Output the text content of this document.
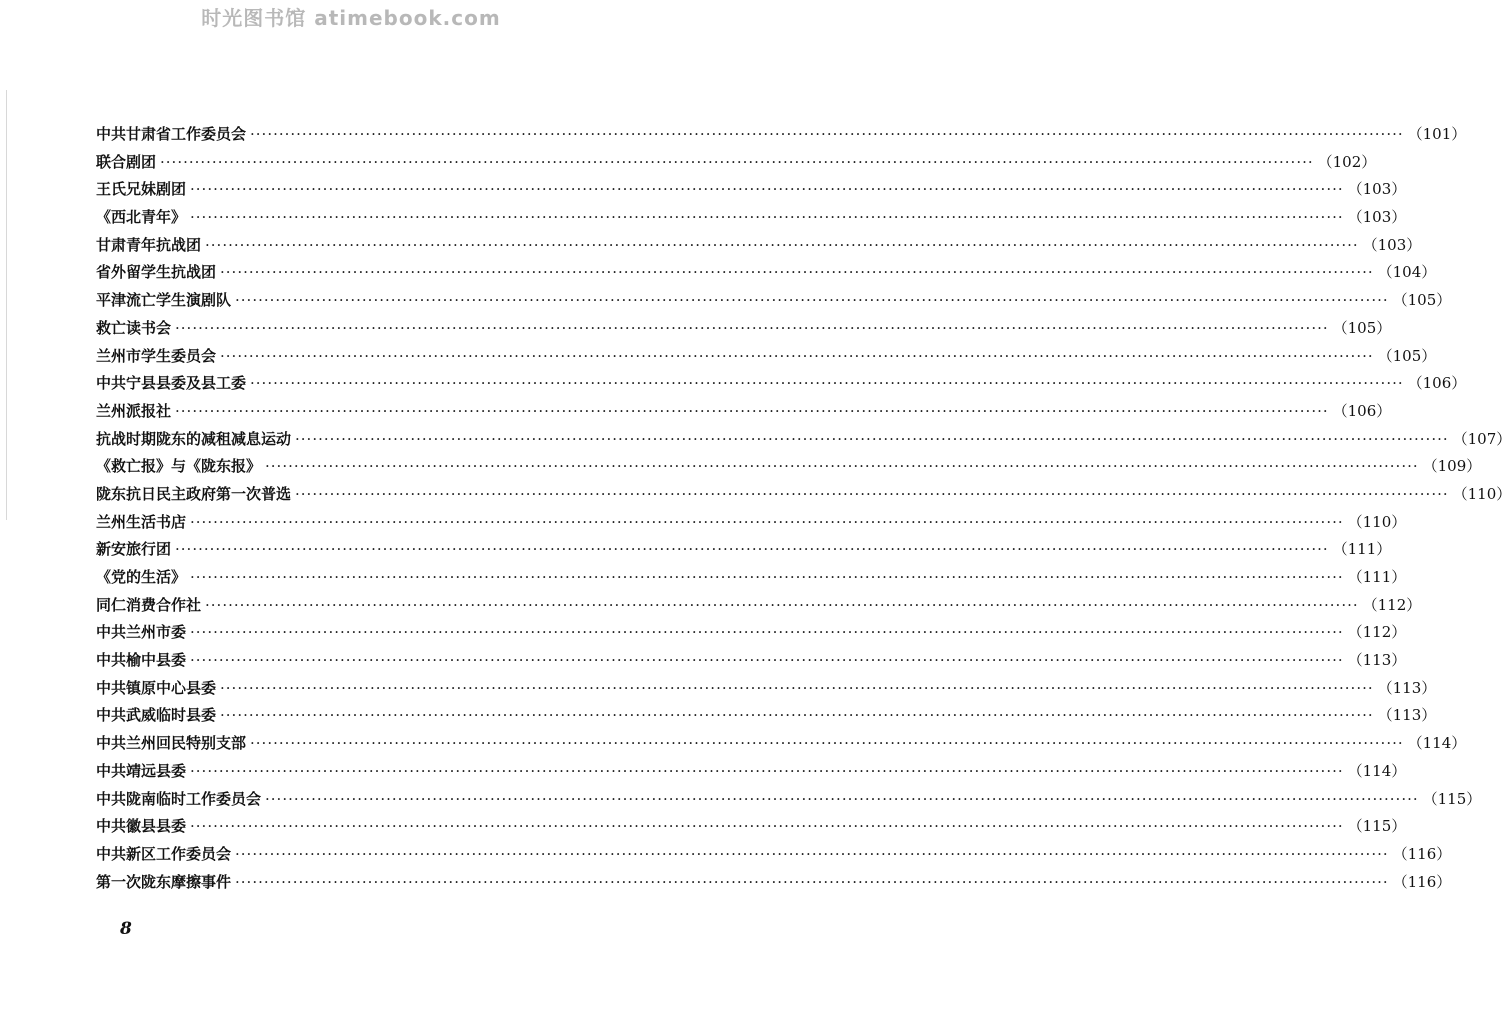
时光图书馆 atimebook.com
中共甘肃省工作委员会 ········································································································································································································ （101）
联合剧团 ········································································································································································································ （102）
王氏兄妹剧团 ········································································································································································································ （103）
《西北青年》 ········································································································································································································ （103）
甘肃青年抗战团 ········································································································································································································ （103）
省外留学生抗战团 ········································································································································································································ （104）
平津流亡学生演剧队 ········································································································································································································ （105）
救亡读书会 ········································································································································································································ （105）
兰州市学生委员会 ········································································································································································································ （105）
中共宁县县委及县工委 ········································································································································································································ （106）
兰州派报社 ········································································································································································································ （106）
抗战时期陇东的减租减息运动 ········································································································································································································ （107）
《救亡报》与《陇东报》 ········································································································································································································ （109）
陇东抗日民主政府第一次普选 ········································································································································································································ （110）
兰州生活书店 ········································································································································································································ （110）
新安旅行团 ········································································································································································································ （111）
《党的生活》 ········································································································································································································ （111）
同仁消费合作社 ········································································································································································································ （112）
中共兰州市委 ········································································································································································································ （112）
中共榆中县委 ········································································································································································································ （113）
中共镇原中心县委 ········································································································································································································ （113）
中共武威临时县委 ········································································································································································································ （113）
中共兰州回民特别支部 ········································································································································································································ （114）
中共靖远县委 ········································································································································································································ （114）
中共陇南临时工作委员会 ········································································································································································································ （115）
中共徽县县委 ········································································································································································································ （115）
中共新区工作委员会 ········································································································································································································ （116）
第一次陇东摩擦事件 ········································································································································································································ （116）
8
